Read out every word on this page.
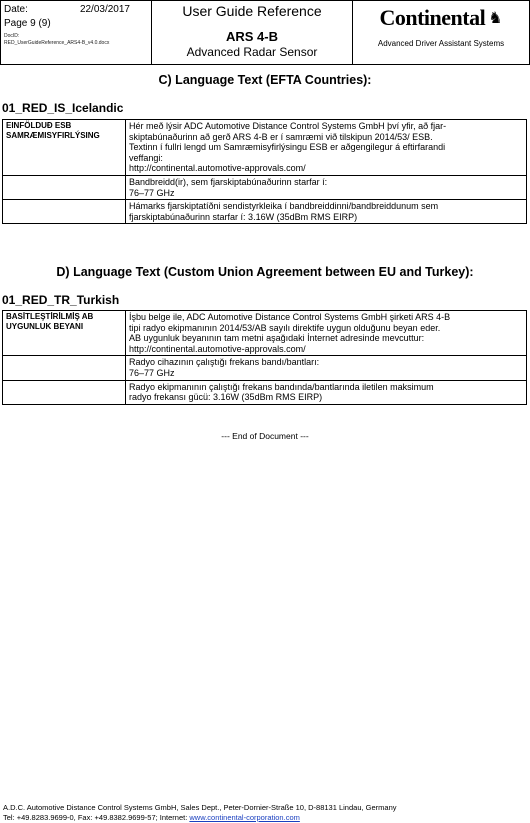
Date:	22/03/2017
Page 9 (9)
DocID:
RED_UserGuideReference_ARS4-B_v4.0.docx

User Guide Reference
ARS 4-B
Advanced Radar Sensor

Continental ♞
Advanced Driver Assistant Systems
C) Language Text (EFTA Countries):
01_RED_IS_Icelandic
EINFÖLDUÐ ESB SAMRÆMISYFIRLÝSING	Hér með lýsir ADC Automotive Distance Control Systems GmbH því yfir, að fjar-
skiptabúnaðurinn að gerð ARS 4-B er í samræmi við tilskipun 2014/53/ ESB.
Textinn í fullri lengd um Samræmisyfirlýsingu ESB er aðgengilegur á eftirfarandi
veffangi:
http://continental.automotive-approvals.com/

	Bandbreidd(ir), sem fjarskiptabúnaðurinn starfar í:
76–77 GHz

	Hámarks fjarskiptatíðni sendistyrkleika í bandbreiddinni/bandbreiddunum sem
fjarskiptabúnaðurinn starfar í: 3.16W (35dBm RMS EIRP)
D) Language Text (Custom Union Agreement between EU and Turkey):
01_RED_TR_Turkish
BASİTLEŞTİRİLMİŞ AB UYGUNLUK BEYANI	İşbu belge ile, ADC Automotive Distance Control Systems GmbH şirketi ARS 4-B
tipi radyo ekipmanının 2014/53/AB sayılı direktife uygun olduğunu beyan eder.
AB uygunluk beyanının tam metni aşağıdaki İnternet adresinde mevcuttur:
http://continental.automotive-approvals.com/

	Radyo cihazının çalıştığı frekans bandı/bantları:
76–77 GHz

	Radyo ekipmanının çalıştığı frekans bandında/bantlarında iletilen maksimum
radyo frekansı gücü: 3.16W (35dBm RMS EIRP)
--- End of Document ---
A.D.C. Automotive Distance Control Systems GmbH, Sales Dept., Peter-Dornier-Straße 10, D-88131 Lindau, Germany
Tel: +49.8283.9699-0, Fax: +49.8382.9699-57; Internet: www.continental-corporation.com
